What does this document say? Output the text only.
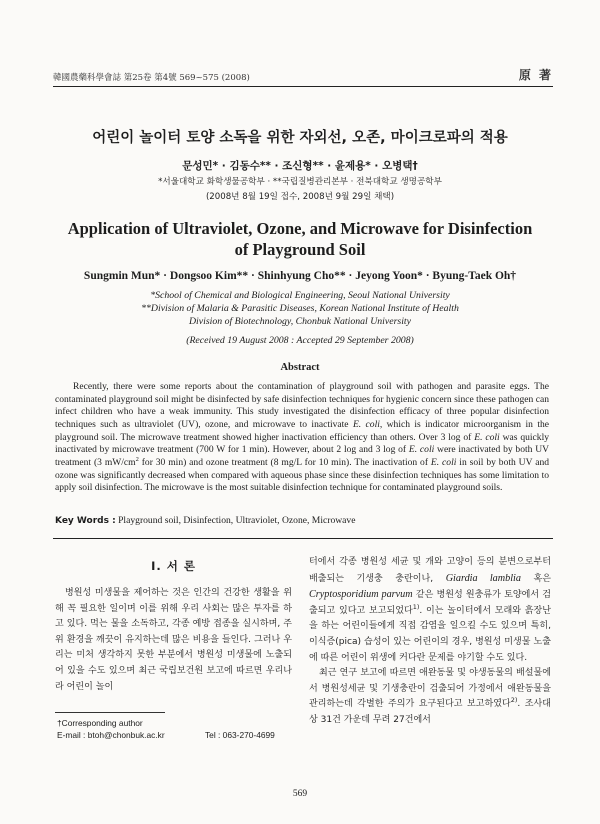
韓國農藥科學會誌 第25卷 第4號 569~575 (2008)	原 著
어린이 놀이터 토양 소독을 위한 자외선, 오존, 마이크로파의 적용
문성민* · 김동수** · 조신형** · 윤제용* · 오병택†
*서울대학교 화학생물공학부 · **국립질병관리본부 · 전북대학교 생명공학부
(2008년 8월 19일 접수, 2008년 9월 29일 채택)
Application of Ultraviolet, Ozone, and Microwave for Disinfection
of Playground Soil
Sungmin Mun* · Dongsoo Kim** · Shinhyung Cho** · Jeyong Yoon* · Byung-Taek Oh†
*School of Chemical and Biological Engineering, Seoul National University
**Division of Malaria & Parasitic Diseases, Korean National Institute of Health
Division of Biotechnology, Chonbuk National University
(Received 19 August 2008 : Accepted 29 September 2008)
Abstract

Recently, there were some reports about the contamination of playground soil with pathogen and parasite eggs. The contaminated playground soil might be disinfected by safe disinfection techniques for hygienic concern since these pathogen can infect children who have a weak immunity. This study investigated the disinfection efficacy of three popular disinfection techniques such as ultraviolet (UV), ozone, and microwave to inactivate E. coli, which is indicator microorganism in the playground soil. The microwave treatment showed higher inactivation efficiency than others. Over 3 log of E. coli was quickly inactivated by microwave treatment (700 W for 1 min). However, about 2 log and 3 log of E. coli were inactivated by both UV treatment (3 $mW/cm^2$ for 30 min) and ozone treatment (8 mg/L for 10 min). The inactivation of E. coli in soil by both UV and ozone was significantly decreased when compared with aqueous phase since these disinfection techniques has some limitation to apply soil disinfection. The microwave is the most suitable disinfection technique for contaminated playground soils.

Key Words : Playground soil, Disinfection, Ultraviolet, Ozone, Microwave
I. 서 론

병원성 미생물을 제어하는 것은 인간의 건강한 생활을 위해 꼭 필요한 일이며 이를 위해 우리 사회는 많은 투자를 하고 있다. 먹는 물을 소독하고, 각종 예방 접종을 실시하며, 주위 환경을 깨끗이 유지하는데 많은 비용을 들인다. 그러나 우리는 미처 생각하지 못한 부분에서 병원성 미생물에 노출되어 있을 수도 있으며 최근 국립보건원 보고에 따르면 우리나라 어린이 놀이

터에서 각종 병원성 세균 및 개와 고양이 등의 분변으로부터 배출되는 기생충 충란이나, Giardia lamblia 혹은 Cryptosporidium parvum 같은 병원성 원충류가 토양에서 검출되고 있다고 보고되었다$^{1)}$. 이는 놀이터에서 모래와 흙장난을 하는 어린이들에게 직접 감염을 일으킬 수도 있으며 특히, 이식증(pica) 습성이 있는 어린이의 경우, 병원성 미생물 노출에 따른 어린이 위생에 커다란 문제를 야기할 수도 있다.

최근 연구 보고에 따르면 애완동물 및 야생동물의 배설물에서 병원성세균 및 기생충란이 검출되어 가정에서 애완동물을 관리하는데 각별한 주의가 요구된다고 보고하였다$^{2)}$. 조사대상 31건 가운데 무려 27건에서

†Corresponding author
E-mail : btoh@chonbuk.ac.kr	Tel : 063-270-4699
569
